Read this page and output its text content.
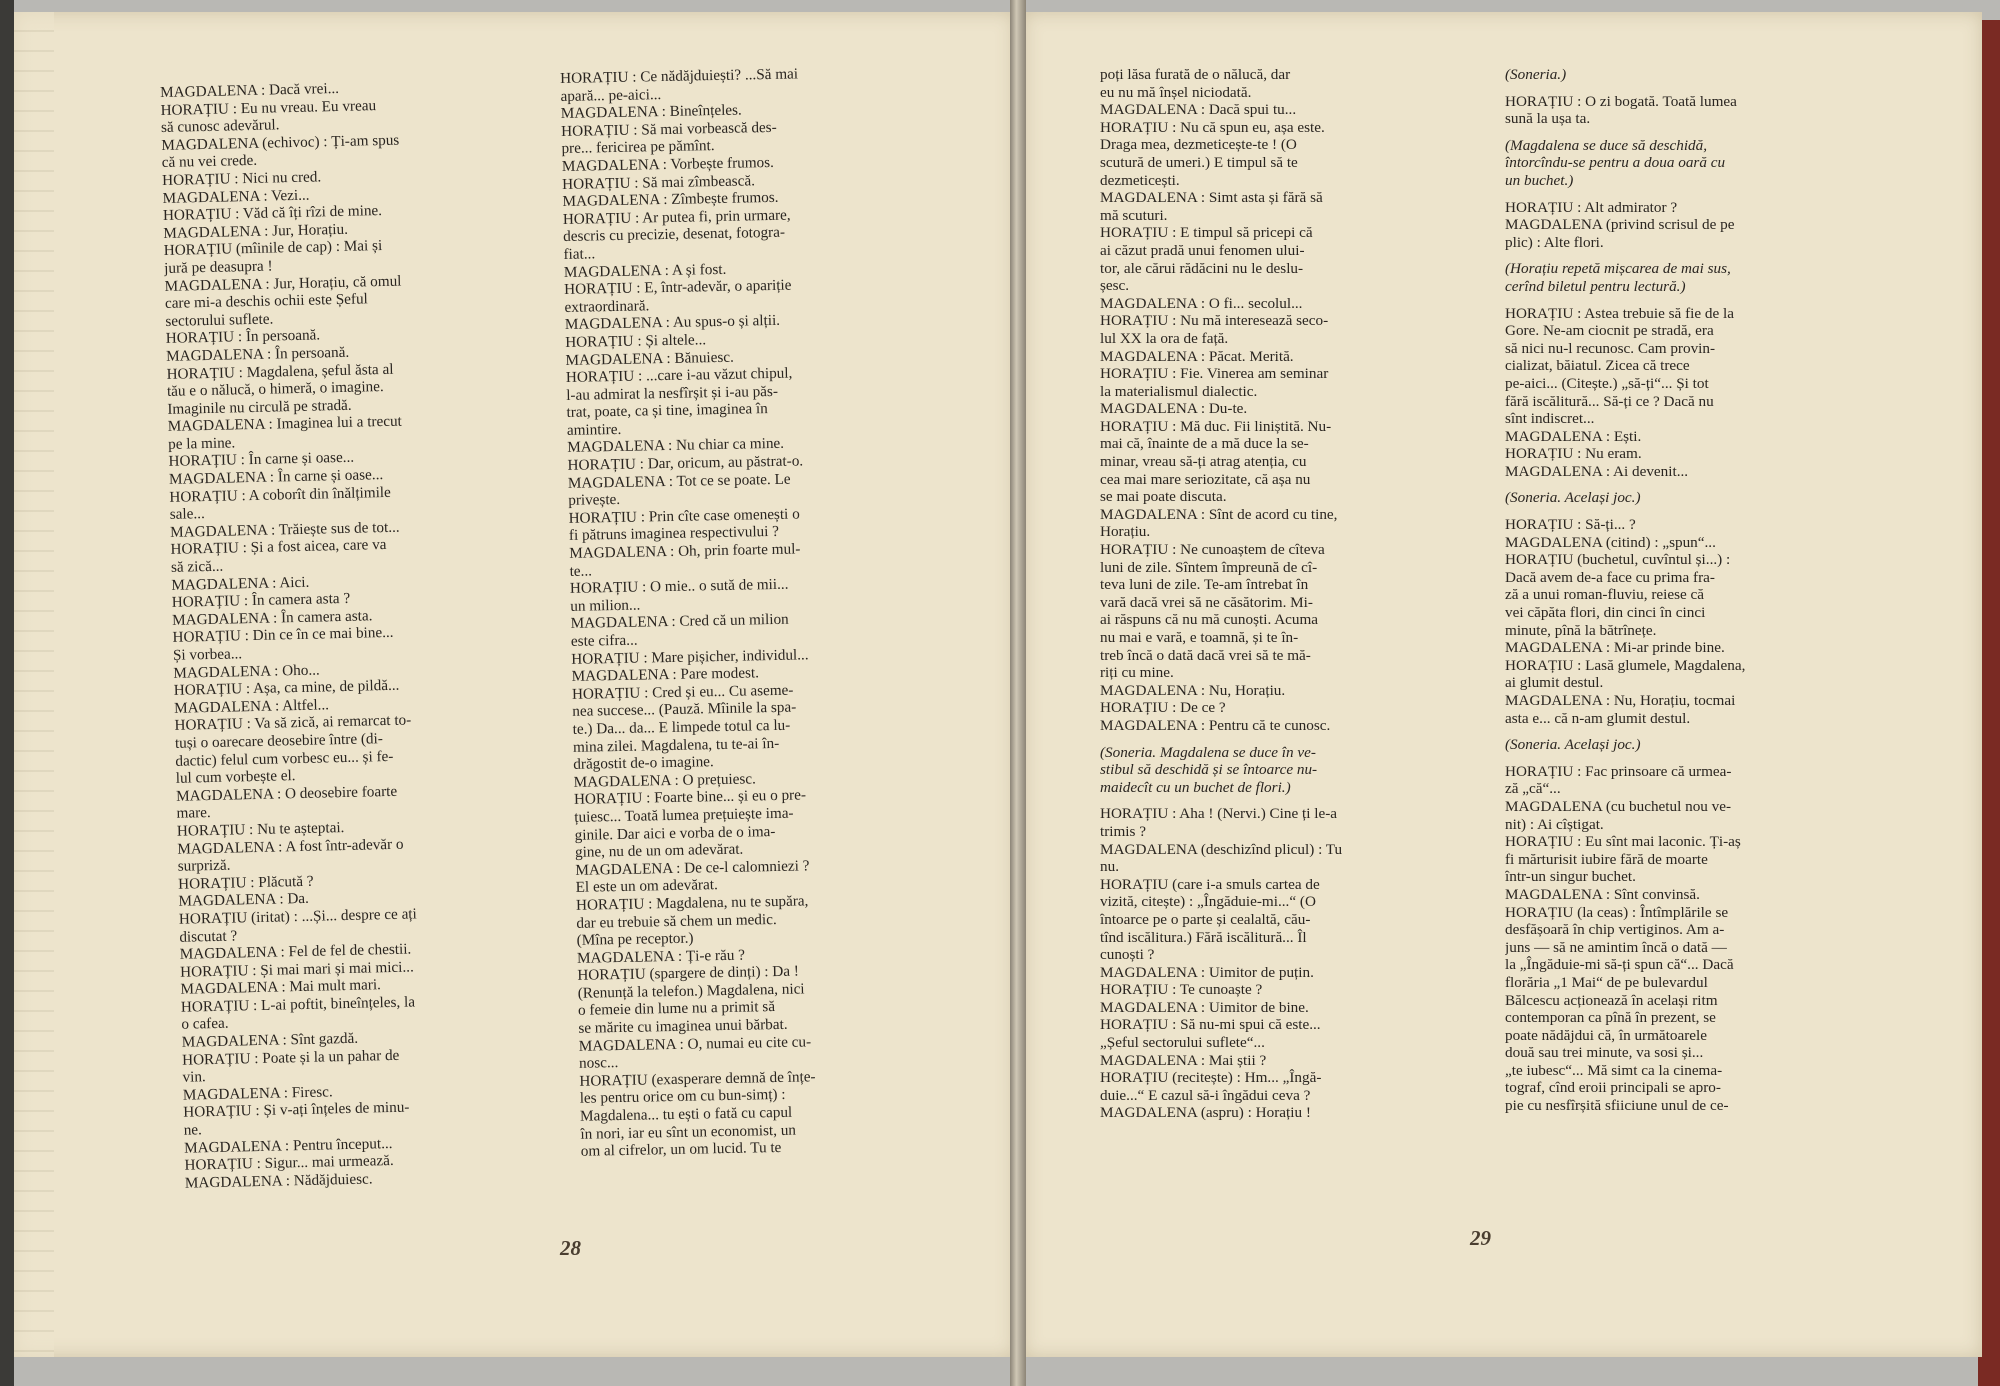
MAGDALENA : Dacă vrei...
HORAȚIU : Eu nu vreau. Eu vreau
să cunosc adevărul.
MAGDALENA (echivoc) : Ți-am spus
că nu vei crede.
HORAȚIU : Nici nu cred.
MAGDALENA : Vezi...
HORAȚIU : Văd că îți rîzi de mine.
MAGDALENA : Jur, Horațiu.
HORAȚIU (mîinile de cap) : Mai și
jură pe deasupra !
MAGDALENA : Jur, Horațiu, că omul
care mi-a deschis ochii este Șeful
sectorului suflete.
HORAȚIU : În persoană.
MAGDALENA : În persoană.
HORAȚIU : Magdalena, șeful ăsta al
tău e o nălucă, o himeră, o imagine.
Imaginile nu circulă pe stradă.
MAGDALENA : Imaginea lui a trecut
pe la mine.
HORAȚIU : În carne și oase...
MAGDALENA : În carne și oase...
HORAȚIU : A coborît din înălțimile
sale...
MAGDALENA : Trăiește sus de tot...
HORAȚIU : Și a fost aicea, care va
să zică...
MAGDALENA : Aici.
HORAȚIU : În camera asta ?
MAGDALENA : În camera asta.
HORAȚIU : Din ce în ce mai bine...
Și vorbea...
MAGDALENA : Oho...
HORAȚIU : Așa, ca mine, de pildă...
MAGDALENA : Altfel...
HORAȚIU : Va să zică, ai remarcat to-
tuși o oarecare deosebire între (di-
dactic) felul cum vorbesc eu... și fe-
lul cum vorbește el.
MAGDALENA : O deosebire foarte
mare.
HORAȚIU : Nu te așteptai.
MAGDALENA : A fost într-adevăr o
surpriză.
HORAȚIU : Plăcută ?
MAGDALENA : Da.
HORAȚIU (iritat) : ...Și... despre ce ați
discutat ?
MAGDALENA : Fel de fel de chestii.
HORAȚIU : Și mai mari și mai mici...
MAGDALENA : Mai mult mari.
HORAȚIU : L-ai poftit, bineînțeles, la
o cafea.
MAGDALENA : Sînt gazdă.
HORAȚIU : Poate și la un pahar de
vin.
MAGDALENA : Firesc.
HORAȚIU : Și v-ați înțeles de minu-
ne.
MAGDALENA : Pentru început...
HORAȚIU : Sigur... mai urmează.
MAGDALENA : Nădăjduiesc.
HORAȚIU : Ce nădăjduiești? ...Să mai
apară... pe-aici...
MAGDALENA : Bineînțeles.
HORAȚIU : Să mai vorbească des-
pre... fericirea pe pămînt.
MAGDALENA : Vorbește frumos.
HORAȚIU : Să mai zîmbească.
MAGDALENA : Zîmbește frumos.
HORAȚIU : Ar putea fi, prin urmare,
descris cu precizie, desenat, fotogra-
fiat...
MAGDALENA : A și fost.
HORAȚIU : E, într-adevăr, o apariție
extraordinară.
MAGDALENA : Au spus-o și alții.
HORAȚIU : Și altele...
MAGDALENA : Bănuiesc.
HORAȚIU : ...care i-au văzut chipul,
l-au admirat la nesfîrșit și i-au păs-
trat, poate, ca și tine, imaginea în
amintire.
MAGDALENA : Nu chiar ca mine.
HORAȚIU : Dar, oricum, au păstrat-o.
MAGDALENA : Tot ce se poate. Le
privește.
HORAȚIU : Prin cîte case omenești o
fi pătruns imaginea respectivului ?
MAGDALENA : Oh, prin foarte mul-
te...
HORAȚIU : O mie.. o sută de mii...
un milion...
MAGDALENA : Cred că un milion
este cifra...
HORAȚIU : Mare pișicher, individul...
MAGDALENA : Pare modest.
HORAȚIU : Cred și eu... Cu aseme-
nea succese... (Pauză. Mîinile la spa-
te.) Da... da... E limpede totul ca lu-
mina zilei. Magdalena, tu te-ai în-
drăgostit de-o imagine.
MAGDALENA : O prețuiesc.
HORAȚIU : Foarte bine... și eu o pre-
țuiesc... Toată lumea prețuiește ima-
ginile. Dar aici e vorba de o ima-
gine, nu de un om adevărat.
MAGDALENA : De ce-l calomniezi ?
El este un om adevărat.
HORAȚIU : Magdalena, nu te supăra,
dar eu trebuie să chem un medic.
(Mîna pe receptor.)
MAGDALENA : Ți-e rău ?
HORAȚIU (spargere de dinți) : Da !
(Renunță la telefon.) Magdalena, nici
o femeie din lume nu a primit să
se mărite cu imaginea unui bărbat.
MAGDALENA : O, numai eu cite cu-
nosc...
HORAȚIU (exasperare demnă de înțe-
les pentru orice om cu bun-simț) :
Magdalena... tu ești o fată cu capul
în nori, iar eu sînt un economist, un
om al cifrelor, un om lucid. Tu te
poți lăsa furată de o nălucă, dar
eu nu mă înșel niciodată.
MAGDALENA : Dacă spui tu...
HORAȚIU : Nu că spun eu, așa este.
Draga mea, dezmeticește-te ! (O
scutură de umeri.) E timpul să te
dezmeticești.
MAGDALENA : Simt asta și fără să
mă scuturi.
HORAȚIU : E timpul să pricepi că
ai căzut pradă unui fenomen ului-
tor, ale cărui rădăcini nu le deslu-
șesc.
MAGDALENA : O fi... secolul...
HORAȚIU : Nu mă interesează seco-
lul XX la ora de față.
MAGDALENA : Păcat. Merită.
HORAȚIU : Fie. Vinerea am seminar
la materialismul dialectic.
MAGDALENA : Du-te.
HORAȚIU : Mă duc. Fii liniștită. Nu-
mai că, înainte de a mă duce la se-
minar, vreau să-ți atrag atenția, cu
cea mai mare seriozitate, că așa nu
se mai poate discuta.
MAGDALENA : Sînt de acord cu tine,
Horațiu.
HORAȚIU : Ne cunoaștem de cîteva
luni de zile. Sîntem împreună de cî-
teva luni de zile. Te-am întrebat în
vară dacă vrei să ne căsătorim. Mi-
ai răspuns că nu mă cunoști. Acuma
nu mai e vară, e toamnă, și te în-
treb încă o dată dacă vrei să te mă-
riți cu mine.
MAGDALENA : Nu, Horațiu.
HORAȚIU : De ce ?
MAGDALENA : Pentru că te cunosc.
(Soneria. Magdalena se duce în ve-
stibul să deschidă și se întoarce nu-
maidecît cu un buchet de flori.)
HORAȚIU : Aha ! (Nervi.) Cine ți le-a
trimis ?
MAGDALENA (deschizînd plicul) : Tu
nu.
HORAȚIU (care i-a smuls cartea de
vizită, citește) : „Îngăduie-mi...“ (O
întoarce pe o parte și cealaltă, cău-
tînd iscălitura.) Fără iscălitură... Îl
cunoști ?
MAGDALENA : Uimitor de puțin.
HORAȚIU : Te cunoaște ?
MAGDALENA : Uimitor de bine.
HORAȚIU : Să nu-mi spui că este...
„Șeful sectorului suflete“...
MAGDALENA : Mai știi ?
HORAȚIU (recitește) : Hm... „Îngă-
duie...“ E cazul să-i îngădui ceva ?
MAGDALENA (aspru) : Horațiu !
(Soneria.)
HORAȚIU : O zi bogată. Toată lumea
sună la ușa ta.
(Magdalena se duce să deschidă,
întorcîndu-se pentru a doua oară cu
un buchet.)
HORAȚIU : Alt admirator ?
MAGDALENA (privind scrisul de pe
plic) : Alte flori.
(Horațiu repetă mișcarea de mai sus,
cerînd biletul pentru lectură.)
HORAȚIU : Astea trebuie să fie de la
Gore. Ne-am ciocnit pe stradă, era
să nici nu-l recunosc. Cam provin-
cializat, băiatul. Zicea că trece
pe-aici... (Citește.) „să-ți“... Și tot
fără iscălitură... Să-ți ce ? Dacă nu
sînt indiscret...
MAGDALENA : Ești.
HORAȚIU : Nu eram.
MAGDALENA : Ai devenit...
(Soneria. Același joc.)
HORAȚIU : Să-ți... ?
MAGDALENA (citind) : „spun“...
HORAȚIU (buchetul, cuvîntul și...) :
Dacă avem de-a face cu prima fra-
ză a unui roman-fluviu, reiese că
vei căpăta flori, din cinci în cinci
minute, pînă la bătrînețe.
MAGDALENA : Mi-ar prinde bine.
HORAȚIU : Lasă glumele, Magdalena,
ai glumit destul.
MAGDALENA : Nu, Horațiu, tocmai
asta e... că n-am glumit destul.
(Soneria. Același joc.)
HORAȚIU : Fac prinsoare că urmea-
ză „că“...
MAGDALENA (cu buchetul nou ve-
nit) : Ai cîștigat.
HORAȚIU : Eu sînt mai laconic. Ți-aș
fi mărturisit iubire fără de moarte
într-un singur buchet.
MAGDALENA : Sînt convinsă.
HORAȚIU (la ceas) : Întîmplările se
desfășoară în chip vertiginos. Am a-
juns — să ne amintim încă o dată —
la „Îngăduie-mi să-ți spun că“... Dacă
florăria „1 Mai“ de pe bulevardul
Bălcescu acționează în același ritm
contemporan ca pînă în prezent, se
poate nădăjdui că, în următoarele
două sau trei minute, va sosi și...
„te iubesc“... Mă simt ca la cinema-
tograf, cînd eroii principali se apro-
pie cu nesfîrșită sfiiciune unul de ce-
28	29
